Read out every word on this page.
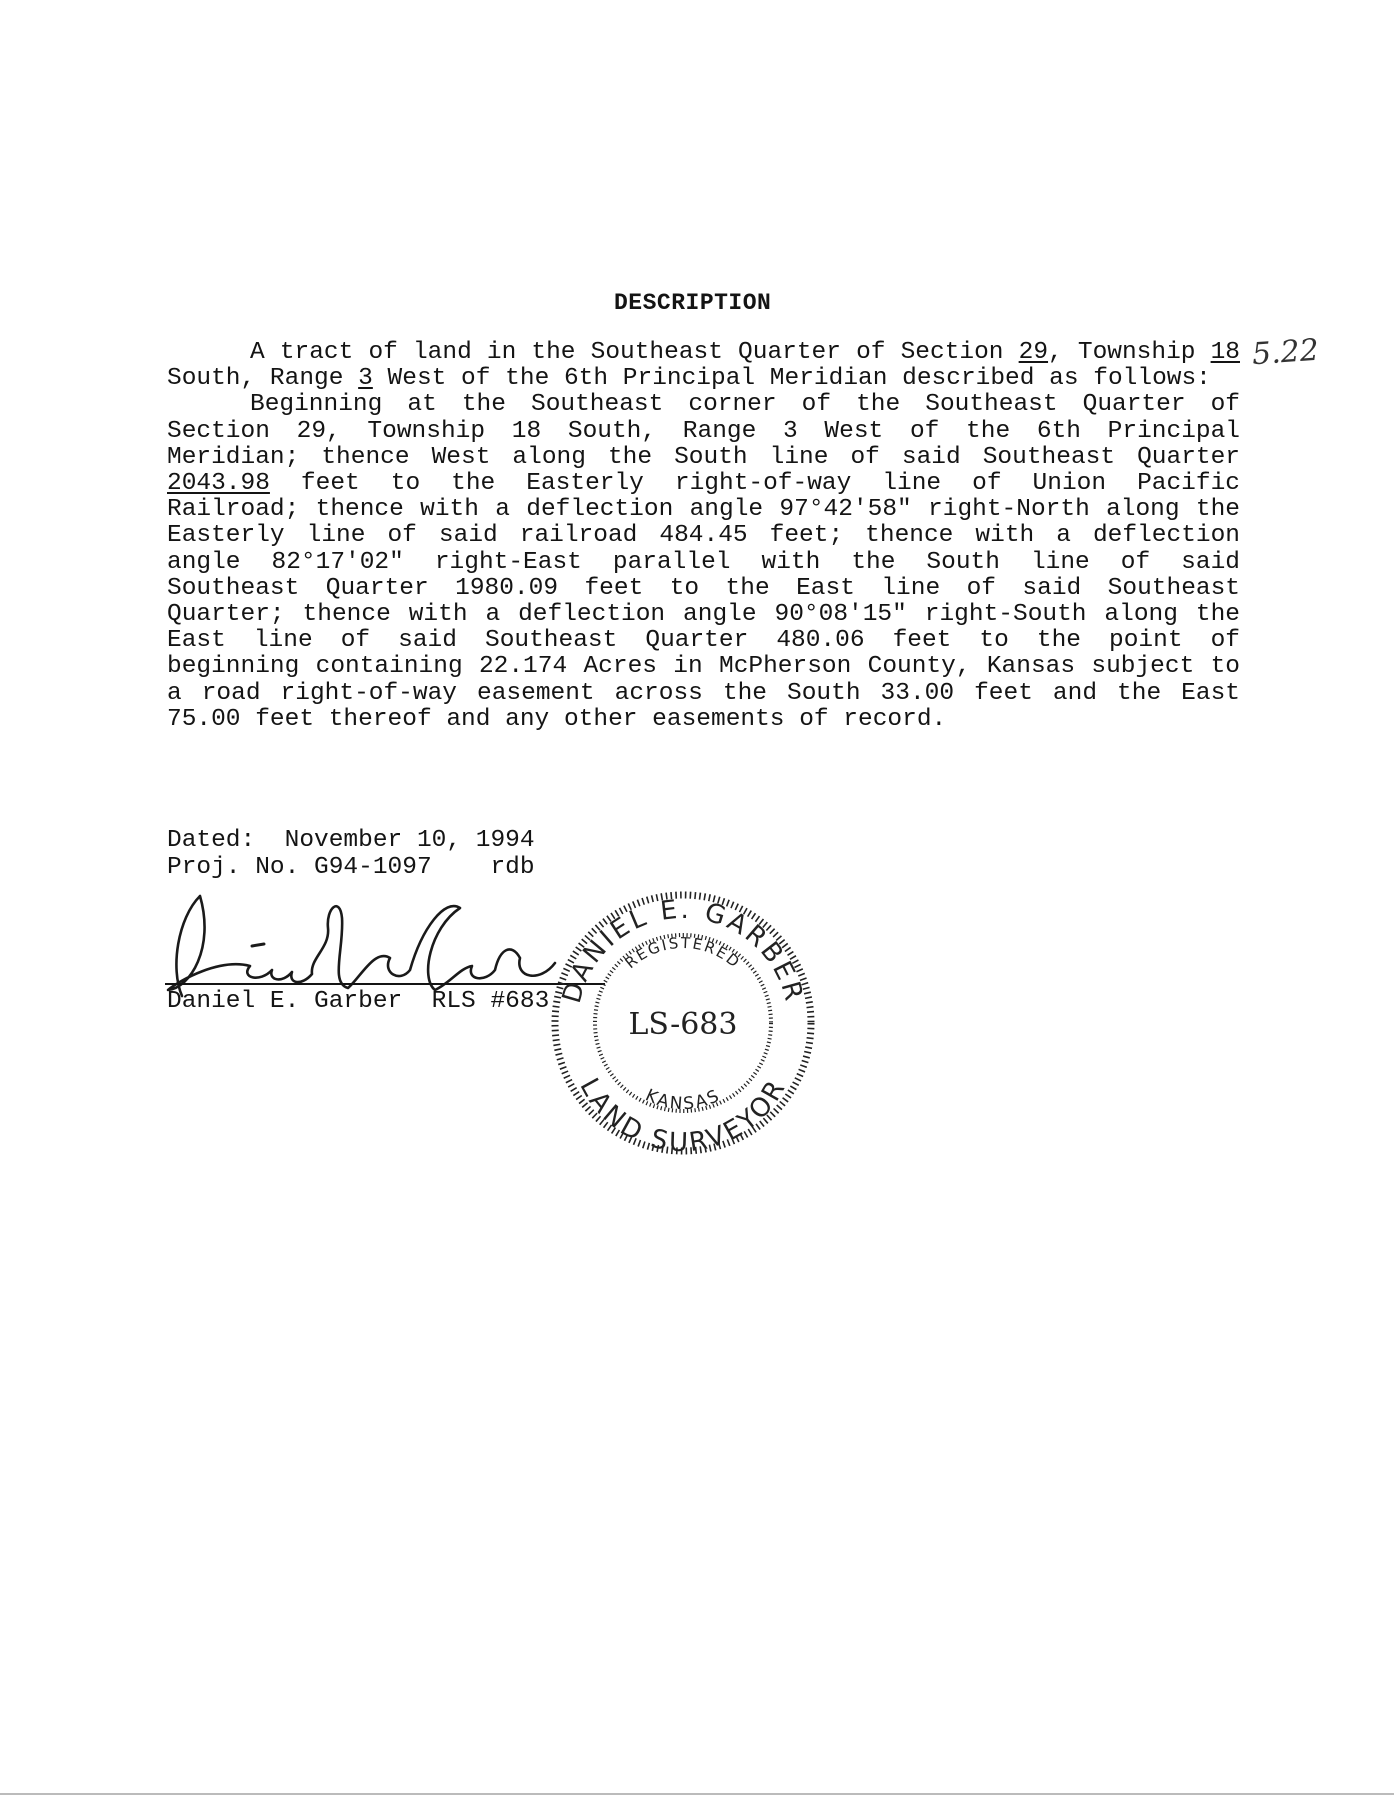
DESCRIPTION
5.22

A tract of land in the Southeast Quarter of Section 29, Township 18 South, Range 3 West of the 6th Principal Meridian described as follows:

Beginning at the Southeast corner of the Southeast Quarter of Section 29, Township 18 South, Range 3 West of the 6th Principal Meridian; thence West along the South line of said Southeast Quarter 2043.98 feet to the Easterly right-of-way line of Union Pacific Railroad; thence with a deflection angle 97°42'58" right-North along the Easterly line of said railroad 484.45 feet; thence with a deflection angle 82°17'02" right-East parallel with the South line of said Southeast Quarter 1980.09 feet to the East line of said Southeast Quarter; thence with a deflection angle 90°08'15" right-South along the East line of said Southeast Quarter 480.06 feet to the point of beginning containing 22.174 Acres in McPherson County, Kansas subject to a road right-of-way easement across the South 33.00 feet and the East 75.00 feet thereof and any other easements of record.

Dated: November 10, 1994
Proj. No. G94-1097 rdb
Daniel E. Garber RLS #683 DANIEL E. GARBER
LAND SURVEYOR
REGISTERED
KANSAS
LS-683
